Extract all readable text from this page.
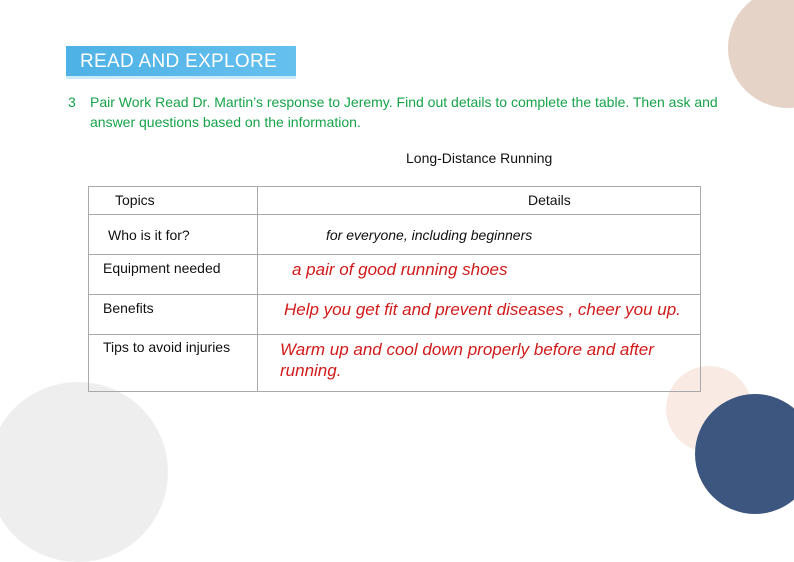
READ AND EXPLORE
3 Pair Work Read Dr. Martin’s response to Jeremy. Find out details to complete the table. Then ask and answer questions based on the information.
Long-Distance Running
Topics	Details

Who is it for?	for everyone, including beginners

Equipment needed	a pair of good running shoes

Benefits	Help you get fit and prevent diseases , cheer you up.

Tips to avoid injuries	Warm up and cool down properly before and after running.
